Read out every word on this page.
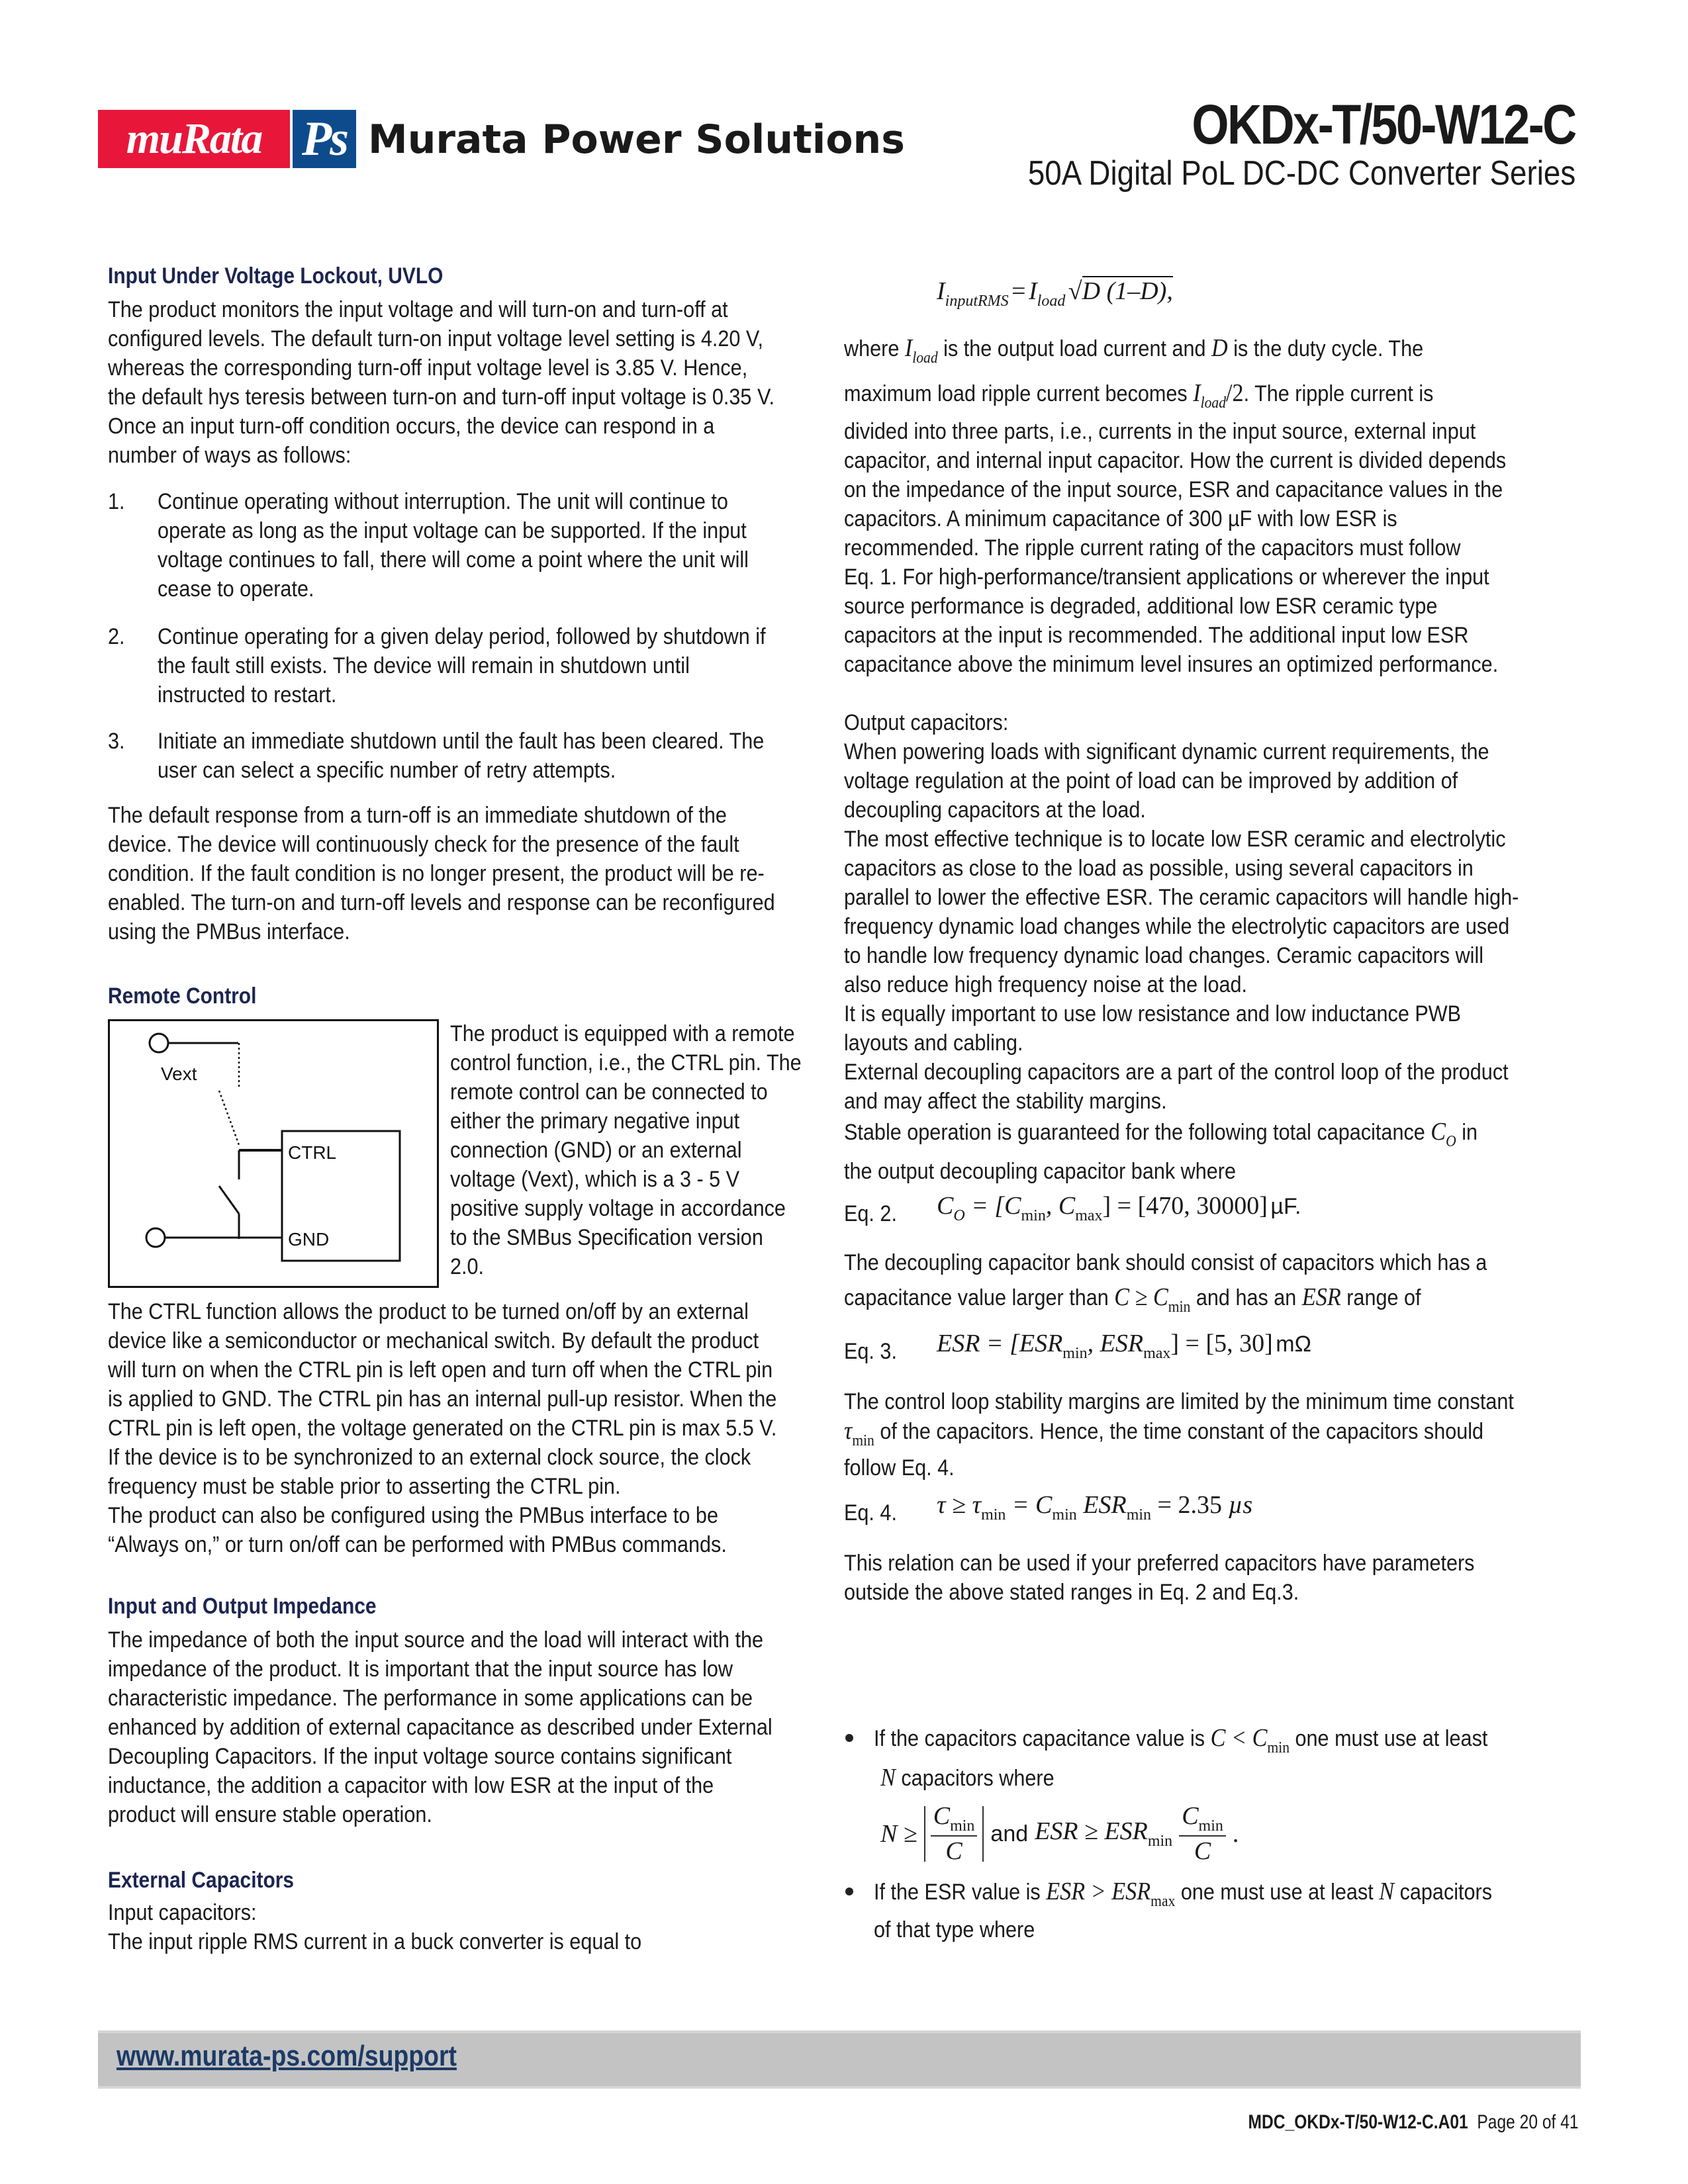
muRata Ps Murata Power Solutions	OKDx-T/50-W12-C
50A Digital PoL DC-DC Converter Series
Input Under Voltage Lockout, UVLO
The product monitors the input voltage and will turn-on and turn-off at
configured levels. The default turn-on input voltage level setting is 4.20 V,
whereas the corresponding turn-off input voltage level is 3.85 V. Hence,
the default hys teresis between turn-on and turn-off input voltage is 0.35 V.
Once an input turn-off condition occurs, the device can respond in a
number of ways as follows:
1. Continue operating without interruption. The unit will continue to
operate as long as the input voltage can be supported. If the input
voltage continues to fall, there will come a point where the unit will
cease to operate.
2. Continue operating for a given delay period, followed by shutdown if
the fault still exists. The device will remain in shutdown until
instructed to restart.
3. Initiate an immediate shutdown until the fault has been cleared. The
user can select a specific number of retry attempts.
The default response from a turn-off is an immediate shutdown of the
device. The device will continuously check for the presence of the fault
condition. If the fault condition is no longer present, the product will be re-
enabled. The turn-on and turn-off levels and response can be reconfigured
using the PMBus interface.
Remote Control
Vext
CTRL
GND
The product is equipped with a remote
control function, i.e., the CTRL pin. The
remote control can be connected to
either the primary negative input
connection (GND) or an external
voltage (Vext), which is a 3 - 5 V
positive supply voltage in accordance
to the SMBus Specification version
2.0.
The CTRL function allows the product to be turned on/off by an external
device like a semiconductor or mechanical switch. By default the product
will turn on when the CTRL pin is left open and turn off when the CTRL pin
is applied to GND. The CTRL pin has an internal pull-up resistor. When the
CTRL pin is left open, the voltage generated on the CTRL pin is max 5.5 V.
If the device is to be synchronized to an external clock source, the clock
frequency must be stable prior to asserting the CTRL pin.
The product can also be configured using the PMBus interface to be
“Always on,” or turn on/off can be performed with PMBus commands.
Input and Output Impedance
The impedance of both the input source and the load will interact with the
impedance of the product. It is important that the input source has low
characteristic impedance. The performance in some applications can be
enhanced by addition of external capacitance as described under External
Decoupling Capacitors. If the input voltage source contains significant
inductance, the addition a capacitor with low ESR at the input of the
product will ensure stable operation.
External Capacitors
Input capacitors:
The input ripple RMS current in a buck converter is equal to
IinputRMS = Iload √D (1–D),
where $I_{load}$ is the output load current and D is the duty cycle. The
maximum load ripple current becomes $I_{load}/2$. The ripple current is
divided into three parts, i.e., currents in the input source, external input
capacitor, and internal input capacitor. How the current is divided depends
on the impedance of the input source, ESR and capacitance values in the
capacitors. A minimum capacitance of 300 µF with low ESR is
recommended. The ripple current rating of the capacitors must follow
Eq. 1. For high-performance/transient applications or wherever the input
source performance is degraded, additional low ESR ceramic type
capacitors at the input is recommended. The additional input low ESR
capacitance above the minimum level insures an optimized performance.
Output capacitors:
When powering loads with significant dynamic current requirements, the
voltage regulation at the point of load can be improved by addition of
decoupling capacitors at the load.
The most effective technique is to locate low ESR ceramic and electrolytic
capacitors as close to the load as possible, using several capacitors in
parallel to lower the effective ESR. The ceramic capacitors will handle high-
frequency dynamic load changes while the electrolytic capacitors are used
to handle low frequency dynamic load changes. Ceramic capacitors will
also reduce high frequency noise at the load.
It is equally important to use low resistance and low inductance PWB
layouts and cabling.
External decoupling capacitors are a part of the control loop of the product
and may affect the stability margins.
Stable operation is guaranteed for the following total capacitance $C_O$ in
the output decoupling capacitor bank where
Eq. 2. CO = [Cmin, Cmax] = [470, 30000] µF.
The decoupling capacitor bank should consist of capacitors which has a
capacitance value larger than $C \ge C_{min}$ and has an ESR range of
Eq. 3. ESR = [ESRmin, ESRmax] = [5, 30] mΩ
The control loop stability margins are limited by the minimum time constant
$\tau_{min}$ of the capacitors. Hence, the time constant of the capacitors should
follow Eq. 4.
Eq. 4. τ ≥ τmin = Cmin ESRmin = 2.35 µs
This relation can be used if your preferred capacitors have parameters
outside the above stated ranges in Eq. 2 and Eq.3.
If the capacitors capacitance value is $C < C_{min}$ one must use at least
N capacitors where
N ≥
Cmin
C
and ESR ≥ ESRmin
Cmin
C
.
If the ESR value is ESR > $ESR_{max}$ one must use at least N capacitors
of that type where
www.murata-ps.com/support
MDC_OKDx-T/50-W12-C.A01 Page 20 of 41
